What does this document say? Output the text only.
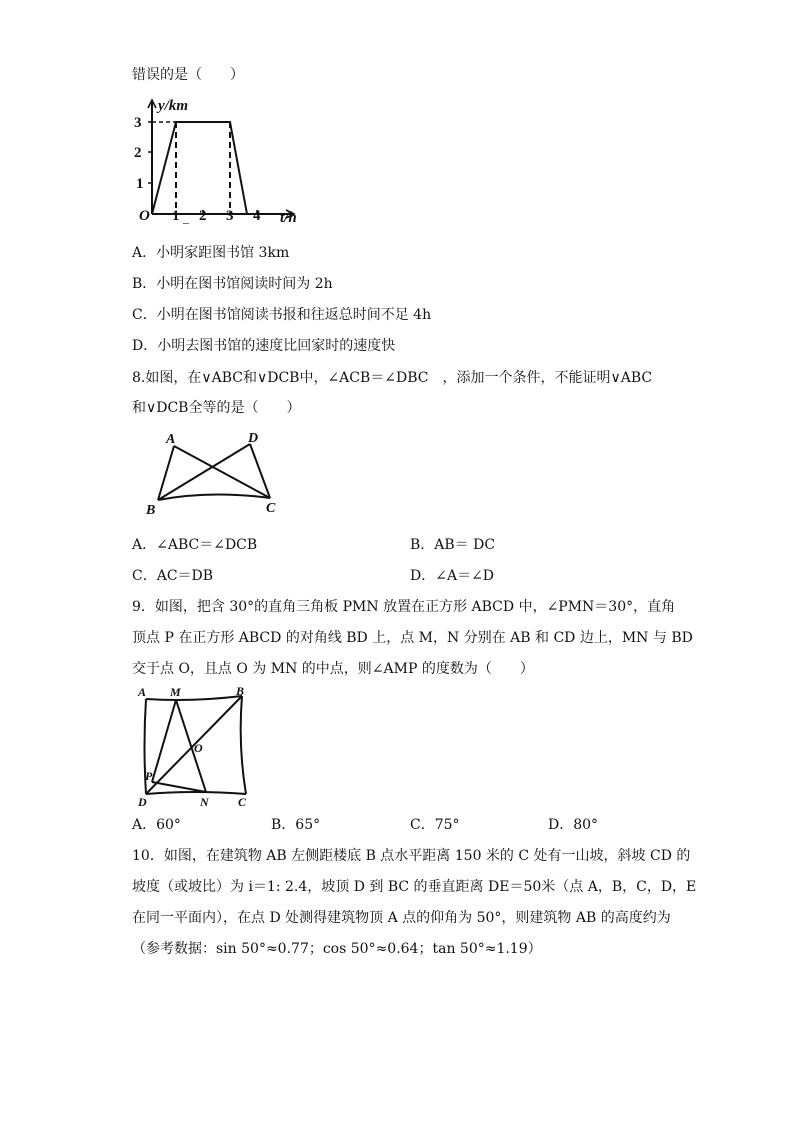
错误的是（　　）
y/km
3
2
1
O 1 2 3 4 t/h
_
A．小明家距图书馆 3km
B．小明在图书馆阅读时间为 2h
C．小明在图书馆阅读书报和往返总时间不足 4h
D．小明去图书馆的速度比回家时的速度快
8.如图，在∨ABC和∨DCB中，∠ACB＝∠DBC　，添加一个条件，不能证明∨ABC
和∨DCB全等的是（　　）
A	D
B	C
A．∠ABC＝∠DCB	B．AB＝ DC
C．AC＝DB	D．∠A＝∠D
9．如图，把含 30°的直角三角板 PMN 放置在正方形 ABCD 中，∠PMN＝30°，直角
顶点 P 在正方形 ABCD 的对角线 BD 上，点 M，N 分别在 AB 和 CD 边上，MN 与 BD
交于点 O，且点 O 为 MN 的中点，则∠AMP 的度数为（　　）
A M	B
O
P
D	N C
A．60°	B．65°	C．75°	D．80°
10．如图，在建筑物 AB 左侧距楼底 B 点水平距离 150 米的 C 处有一山坡，斜坡 CD 的
坡度（或坡比）为 i＝1: 2.4，坡顶 D 到 BC 的垂直距离 DE＝50米（点 A，B，C，D，E
在同一平面内），在点 D 处测得建筑物顶 A 点的仰角为 50°，则建筑物 AB 的高度约为
（参考数据：sin 50°≈0.77；cos 50°≈0.64；tan 50°≈1.19）
